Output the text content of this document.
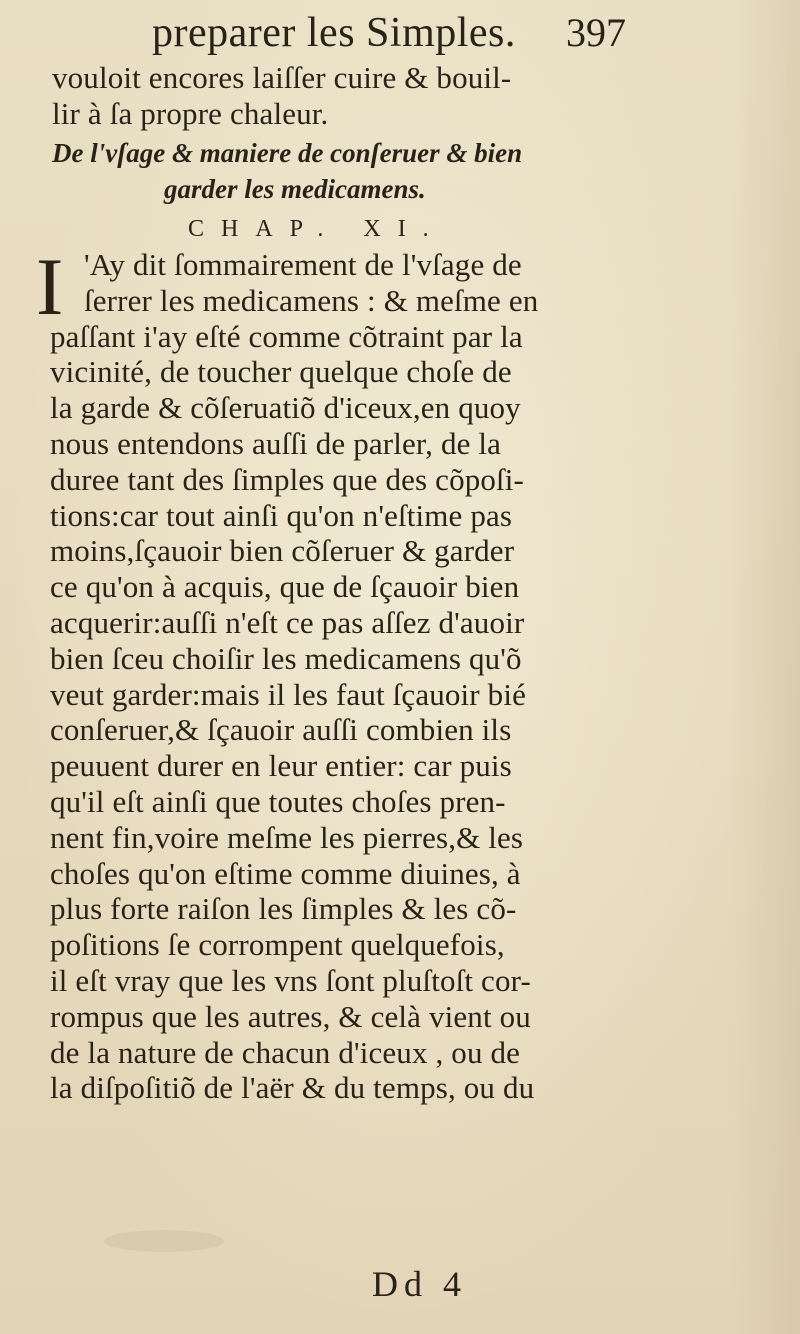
preparer les Simples. 397
vouloit encores laiſſer cuire & bouil-
lir à ſa propre chaleur.
De l'vſage & maniere de conſeruer & bien
garder les medicamens.
CHAP. XI.
I 'Ay dit ſommairement de l'vſage de
ſerrer les medicamens : & meſme en
paſſant i'ay eſté comme cõtraint par la
vicinité, de toucher quelque choſe de
la garde & cõſeruatiõ d'iceux,en quoy
nous entendons auſſi de parler, de la
duree tant des ſimples que des cõpoſi-
tions:car tout ainſi qu'on n'eſtime pas
moins,ſçauoir bien cõſeruer & garder
ce qu'on à acquis, que de ſçauoir bien
acquerir:auſſi n'eſt ce pas aſſez d'auoir
bien ſceu choiſir les medicamens qu'õ
veut garder:mais il les faut ſçauoir bié
conſeruer,& ſçauoir auſſi combien ils
peuuent durer en leur entier: car puis
qu'il eſt ainſi que toutes choſes pren-
nent fin,voire meſme les pierres,& les
choſes qu'on eſtime comme diuines, à
plus forte raiſon les ſimples & les cõ-
poſitions ſe corrompent quelquefois,
il eſt vray que les vns ſont pluſtoſt cor-
rompus que les autres, & celà vient ou
de la nature de chacun d'iceux , ou de
la diſpoſitiõ de l'aër & du temps, ou du
Dd 4
